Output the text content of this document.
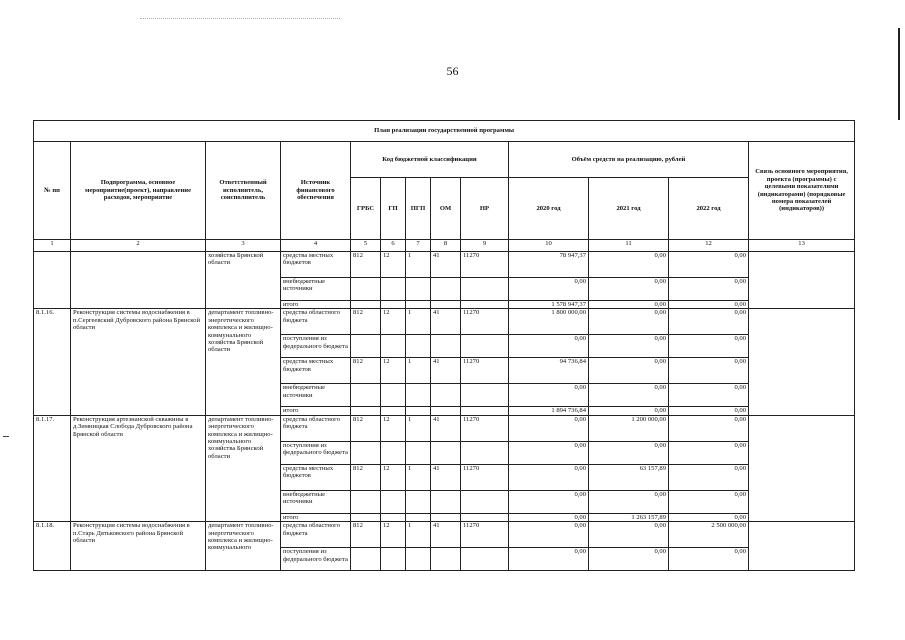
56
План реализации государственной программы												
№ пп	Подпрограмма, основное мероприятие(проект), направление расходов, мероприятие	Ответственный исполнитель, соисполнитель	Источник финансового обеспечения	Код бюджетной классификации					Объём средств на реализацию, рублей			Связь основного мероприятия, проекта (программы) с целевыми показателями (индикаторами) (порядковые номера показателей (индикаторов))
				ГРБС	ГП	ПГП	ОМ	НР	2020 год	2021 год	2022 год	
1	2	3	4	5	6	7	8	9	10	11	12	13
		хозяйства Брянской области	средства местных бюджетов	812	12	1	41	11270	78 947,37	0,00	0,00	
			внебюджетные источники						0,00	0,00	0,00	
			итого						1 578 947,37	0,00	0,00	
8.1.16.	Реконструкция системы водоснабжения в п.Сергеевский Дубровского района Брянской области	департамент топливно-энергетического комплекса и жилищно-коммунального хозяйства Брянской области	средства областного бюджета	812	12	1	41	11270	1 800 000,00	0,00	0,00	
			поступления из федерального бюджета						0,00	0,00	0,00	
			средства местных бюджетов	812	12	1	41	11270	94 736,84	0,00	0,00	
			внебюджетные источники						0,00	0,00	0,00	
			итого						1 894 736,84	0,00	0,00	
8.1.17.	Реконструкция артезианской скважины в д.Зимницкая Слобода Дубровского района Брянской области	департамент топливно-энергетического комплекса и жилищно-коммунального хозяйства Брянской области	средства областного бюджета	812	12	1	41	11270	0,00	1 200 000,00	0,00	
			поступления из федерального бюджета						0,00	0,00	0,00	
			средства местных бюджетов	812	12	1	41	11270	0,00	63 157,89	0,00	
			внебюджетные источники						0,00	0,00	0,00	
			итого						0,00	1 263 157,89	0,00	
8.1.18.	Реконструкция системы водоснабжения в п.Старь Дятьковского района Брянской области	департамент топливно-энергетического комплекса и жилищно-коммунального	средства областного бюджета	812	12	1	41	11270	0,00	0,00	2 500 000,00	
			поступления из федерального бюджета						0,00	0,00	0,00	
